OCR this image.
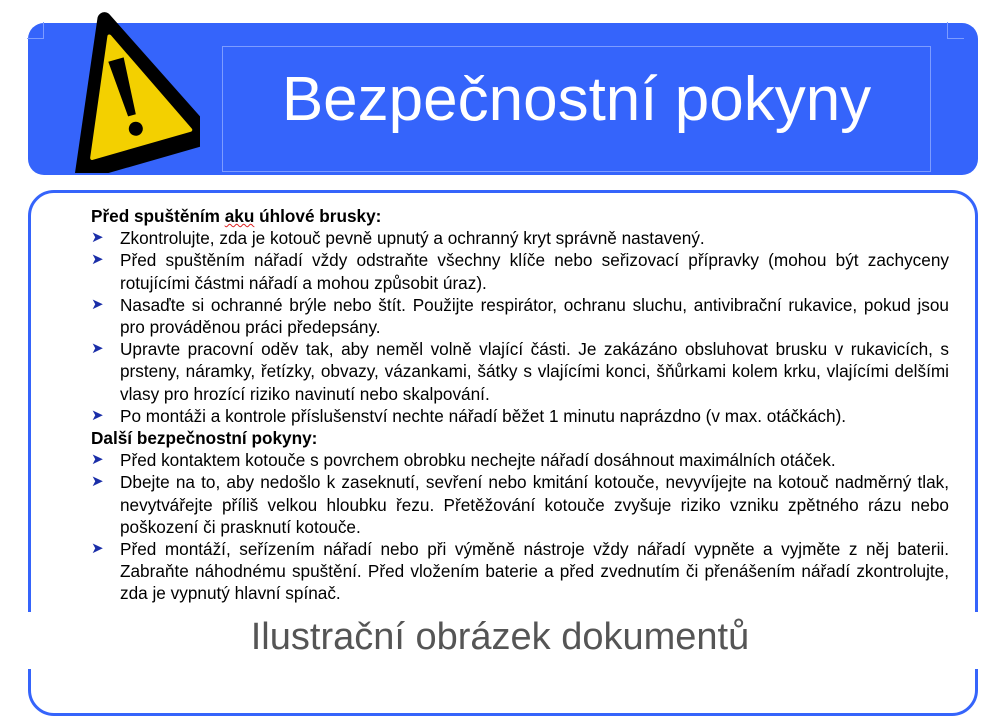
Bezpečnostní pokyny
Před spuštěním aku úhlové brusky:
➤ Zkontrolujte, zda je kotouč pevně upnutý a ochranný kryt správně nastavený.
➤ Před spuštěním nářadí vždy odstraňte všechny klíče nebo seřizovací přípravky (mohou být zachyceny rotujícími částmi nářadí a mohou způsobit úraz).
➤ Nasaďte si ochranné brýle nebo štít. Použijte respirátor, ochranu sluchu, antivibrační rukavice, pokud jsou pro prováděnou práci předepsány.
➤ Upravte pracovní oděv tak, aby neměl volně vlající části. Je zakázáno obsluhovat brusku v rukavicích, s prsteny, náramky, řetízky, obvazy, vázankami, šátky s vlajícími konci, šňůrkami kolem krku, vlajícími delšími vlasy pro hrozící riziko navinutí nebo skalpování.
➤ Po montáži a kontrole příslušenství nechte nářadí běžet 1 minutu naprázdno (v max. otáčkách).
Další bezpečnostní pokyny:
➤ Před kontaktem kotouče s povrchem obrobku nechejte nářadí dosáhnout maximálních otáček.
➤ Dbejte na to, aby nedošlo k zaseknutí, sevření nebo kmitání kotouče, nevyvíjejte na kotouč nadměrný tlak, nevytvářejte příliš velkou hloubku řezu. Přetěžování kotouče zvyšuje riziko vzniku zpětného rázu nebo poškození či prasknutí kotouče.
➤ Před montáží, seřízením nářadí nebo při výměně nástroje vždy nářadí vypněte a vyjměte z něj baterii. Zabraňte náhodnému spuštění. Před vložením baterie a před zvednutím či přenášením nářadí zkontrolujte, zda je vypnutý hlavní spínač.
Ilustrační obrázek dokumentů
